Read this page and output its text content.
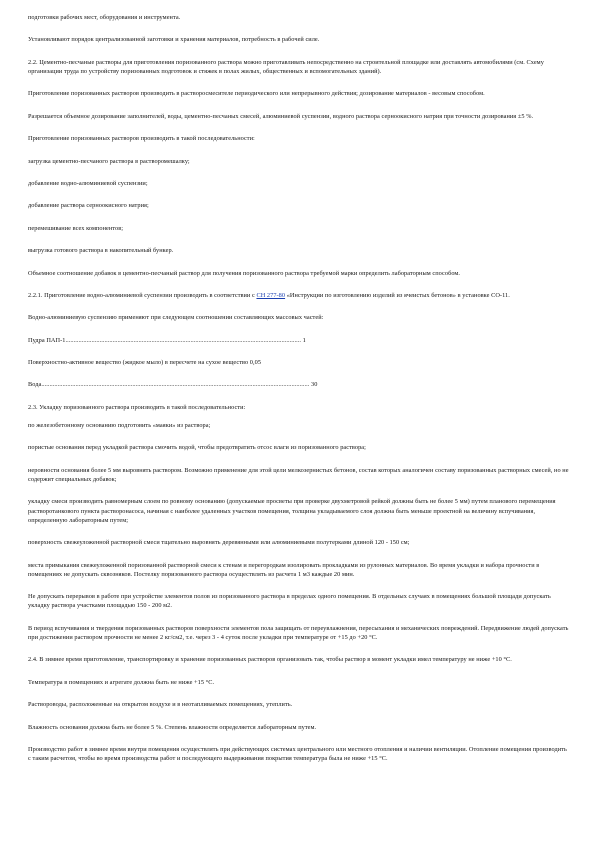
подготовки рабочих мест, оборудования и инструмента.

Установливают порядок централизованной заготовки и хранения материалов, потребность в рабочей силе.

2.2. Цементно-песчаные растворы для приготовления поризованного раствора можно приготавливать непосредственно на строительной площадке или доставлять автомобилями (см. Схему организации труда по устройству поризованных подготовок и стяжек в полах жилых, общественных и вспомогательных зданий).

Приготовление поризованных растворов производить в растворосмесителе периодического или непрерывного действия; дозирование материалов - весовым способом.

Разрешается объемное дозирование заполнителей, воды, цементно-песчаных смесей, алюминиевой суспензии, водного раствора серноокисного натрия при точности дозирования ±5 %.

Приготовление поризованных растворов производить в такой последовательности:

загрузка цементно-песчаного раствора в растворомешалку;

добавление водно-алюминиевой суспензии;

добавление раствора серноокисного натрия;

перемешивание всех компонентов;

выгрузка готового раствора в накопительный бункер.

Объемное соотношение добавок в цементно-песчаный раствор для получения поризованного раствора требуемой марки определить лабораторным способом.

2.2.1. Приготовление водно-алюминиевой суспензии производить в соответствии с СН 277-80 «Инструкции по изготовлению изделий из ячеистых бетонов» в установке СО-11.

Водно-алюминиевую суспензию применяют при следующем соотношении составляющих массовых частей:

Пудра ПАП-1................................................................................................................................................. 1

Поверхностно-активное вещество (жидкое мыло) в пересчете на сухое вещество 0,05

Вода..................................................................................................................................................................... 30

2.3. Укладку поризованного раствора производить в такой последовательности:

по железобетонному основанию подготовить «маяки» из раствора;

пористые основания перед укладкой раствора смочить водой, чтобы предотвратить отсос влаги из поризованного раствора;

неровности основания более 5 мм выровнять раствором. Возможно применение для этой цели мелкозернистых бетонов, состав которых аналогичен составу поризованных растворных смесей, но не содержит специальных добавок;

укладку смеси производить равномерным слоем по ровному основанию (допускаемые просветы при проверке двухметровой рейкой должны быть не более 5 мм) путем планового перемещения растворотанкового пункта растворонасоса, начиная с наиболее удаленных участков помещения, толщина укладываемого слоя должна быть меньше проектной на величину вспучивания, определенную лабораторным путем;

поверхность свежеуложенной растворной смеси тщательно выровнять деревянными или алюминиевыми полутерками длиной 120 - 150 см;

места примыкания свежеуложенной поризованной растворной смеси к стенам и перегородкам изолировать прокладками из рулонных материалов. Во время укладки и набора прочности в помещениях не допускать сквозняков. Постелку поризованного раствора осуществлять из расчета 1 м3 каждые 20 мин.

Не допускать перерывов в работе при устройстве элементов полов из поризованного раствора в пределах одного помещения. В отдельных случаях в помещениях большой площади допускать укладку раствора участками площадью 150 - 200 м2.

В период вспучивания и твердения поризованных растворов поверхности элементов пола защищать от переувлажнения, пересыхания и механических повреждений. Передвижение людей допускать при достижении раствором прочности не менее 2 кг/см2, т.е. через 3 - 4 суток после укладки при температуре от +15 до +20 °С.

2.4. В зимнее время приготовление, транспортировку и хранение поризованных растворов организовать так, чтобы раствор в момент укладки имел температуру не ниже +10 °С.

Температура в помещениях и агрегате должна быть не ниже +15 °С.

Раствороводы, расположенные на открытом воздухе и в неотапливаемых помещениях, утеплить.

Влажность основания должна быть не более 5 %. Степень влажности определяется лабораторным путем.

Производство работ в зимнее время внутри помещения осуществлять при действующих системах центрального или местного отопления и наличии вентиляции. Отопление помещения производить с таким расчетом, чтобы во время производства работ и последующего выдерживания покрытия температура была не ниже +15 °С.
